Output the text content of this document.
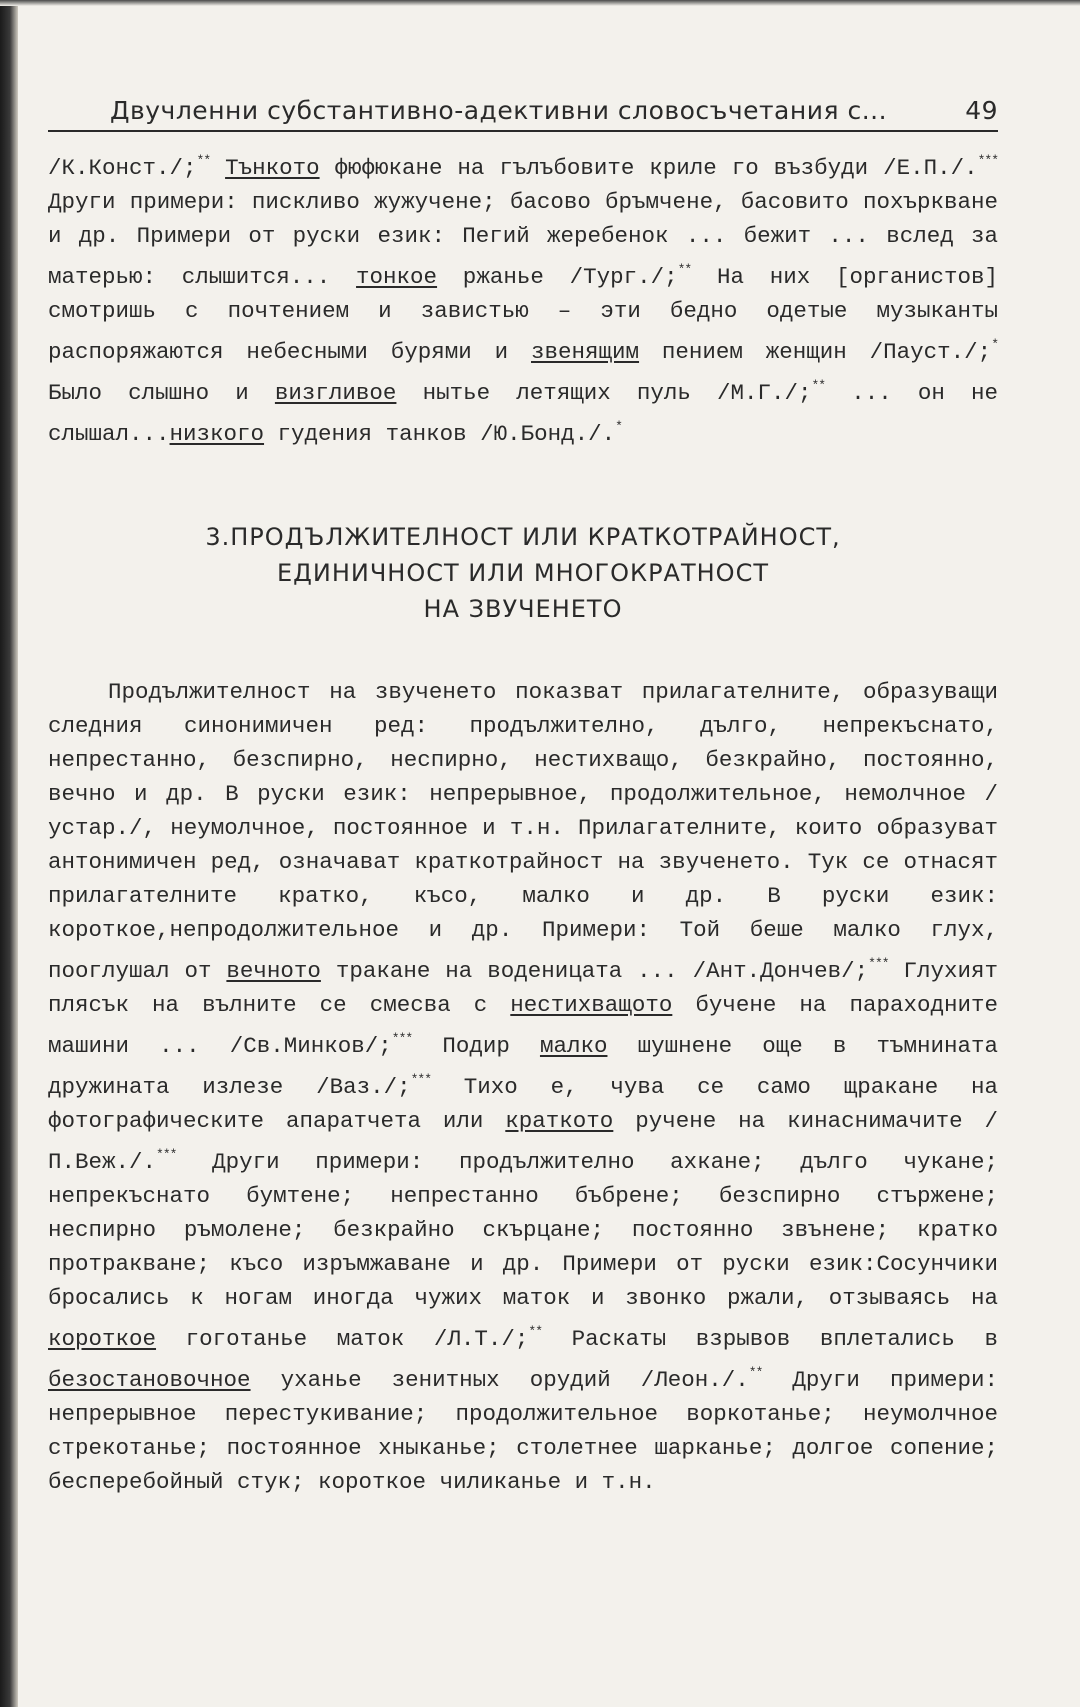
Двучленни субстантивно-адективни словосъчетания с...	49

/К.Конст./;** Тънкото фюфюкане на гълъбовите криле го възбуди /Е.П./.*** Други примери: пискливо жужучене; басово бръмчене, басовито похъркване и др. Примери от руски език: Пегий жеребенок ... бежит ... вслед за матерью: слышится... тонкое ржанье /Тург./;** На них [органистов] смотришь с почтением и завистью – эти бедно одетые музыканты распоряжаются небесными бурями и звенящим пением женщин /Пауст./;* Было слышно и визгливое нытье летящих пуль /М.Г./;** ... он не слышал...низкого гудения танков /Ю.Бонд./.*

3.ПРОДЪЛЖИТЕЛНОСТ ИЛИ КРАТКОТРАЙНОСТ,
ЕДИНИЧНОСТ ИЛИ МНОГОКРАТНОСТ
НА ЗВУЧЕНЕТО

Продължителност на звученето показват прилагателните, образуващи следния синонимичен ред: продължително, дълго, непрекъснато, непрестанно, безспирно, неспирно, нестихващо, безкрайно, постоянно, вечно и др. В руски език: непрерывное, продолжительное, немолчное /устар./, неумолчное, постоянное и т.н. Прилагателните, които образуват антонимичен ред, означават краткотрайност на звученето. Тук се отнасят прилагателните кратко, късо, малко и др. В руски език: короткое,непродолжительное и др. Примери: Той беше малко глух, пооглушал от вечното тракане на воденицата ... /Ант.Дончев/;*** Глухият плясък на вълните се смесва с нестихващото бучене на параходните машини ... /Св.Минков/;*** Подир малко шушнене още в тъмнината дружината излезе /Ваз./;*** Тихо е, чува се само щракане на фотографическите апаратчета или краткото ручене на кинаснимачите /П.Веж./.*** Други примери: продължително ахкане; дълго чукане; непрекъснато бумтене; непрестанно бъбрене; безспирно стържене; неспирно ръмолене; безкрайно скърцане; постоянно звънене; кратко протракване; късо изръмжаване и др. Примери от руски език:Сосунчики бросались к ногам иногда чужих маток и звонко ржали, отзываясь на короткое гоготанье маток /Л.Т./;** Раскаты взрывов вплетались в безостановочное уханье зенитных орудий /Леон./.** Други примери: непрерывное перестукивание; продолжительное воркотанье; неумолчное стрекотанье; постоянное хныканье; столетнее шарканье; долгое сопение; бесперебойный стук; короткое чиликанье и т.н.
